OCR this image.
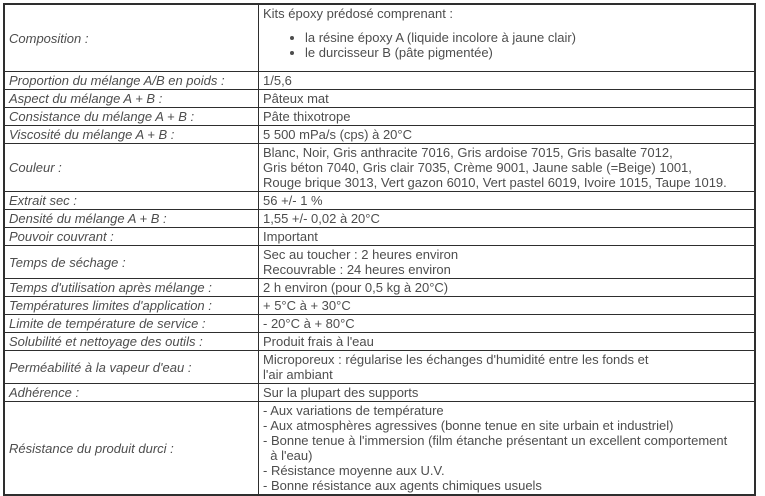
Composition :	
Kits époxy prédosé comprenant :
• la résine époxy A (liquide incolore à jaune clair)
• le durcisseur B (pâte pigmentée)

Proportion du mélange A/B en poids :	1/5,6

Aspect du mélange A + B :	Pâteux mat

Consistance du mélange A + B :	Pâte thixotrope

Viscosité du mélange A + B :	5 500 mPa/s (cps) à 20°C

Couleur :	Blanc, Noir, Gris anthracite 7016, Gris ardoise 7015, Gris basalte 7012,
Gris béton 7040, Gris clair 7035, Crème 9001, Jaune sable (=Beige) 1001,
Rouge brique 3013, Vert gazon 6010, Vert pastel 6019, Ivoire 1015, Taupe 1019.

Extrait sec :	56 +/- 1 %

Densité du mélange A + B :	1,55 +/- 0,02 à 20°C

Pouvoir couvrant :	Important

Temps de séchage :	Sec au toucher : 2 heures environ
Recouvrable : 24 heures environ

Temps d'utilisation après mélange :	2 h environ (pour 0,5 kg à 20°C)

Températures limites d'application :	+ 5°C à + 30°C

Limite de température de service :	- 20°C à + 80°C

Solubilité et nettoyage des outils :	Produit frais à l'eau

Perméabilité à la vapeur d'eau :	Microporeux : régularise les échanges d'humidité entre les fonds et
l'air ambiant

Adhérence :	Sur la plupart des supports

Résistance du produit durci :	
- Aux variations de température
- Aux atmosphères agressives (bonne tenue en site urbain et industriel)
- Bonne tenue à l'immersion (film étanche présentant un excellent comportement
à l'eau)
- Résistance moyenne aux U.V.
- Bonne résistance aux agents chimiques usuels
